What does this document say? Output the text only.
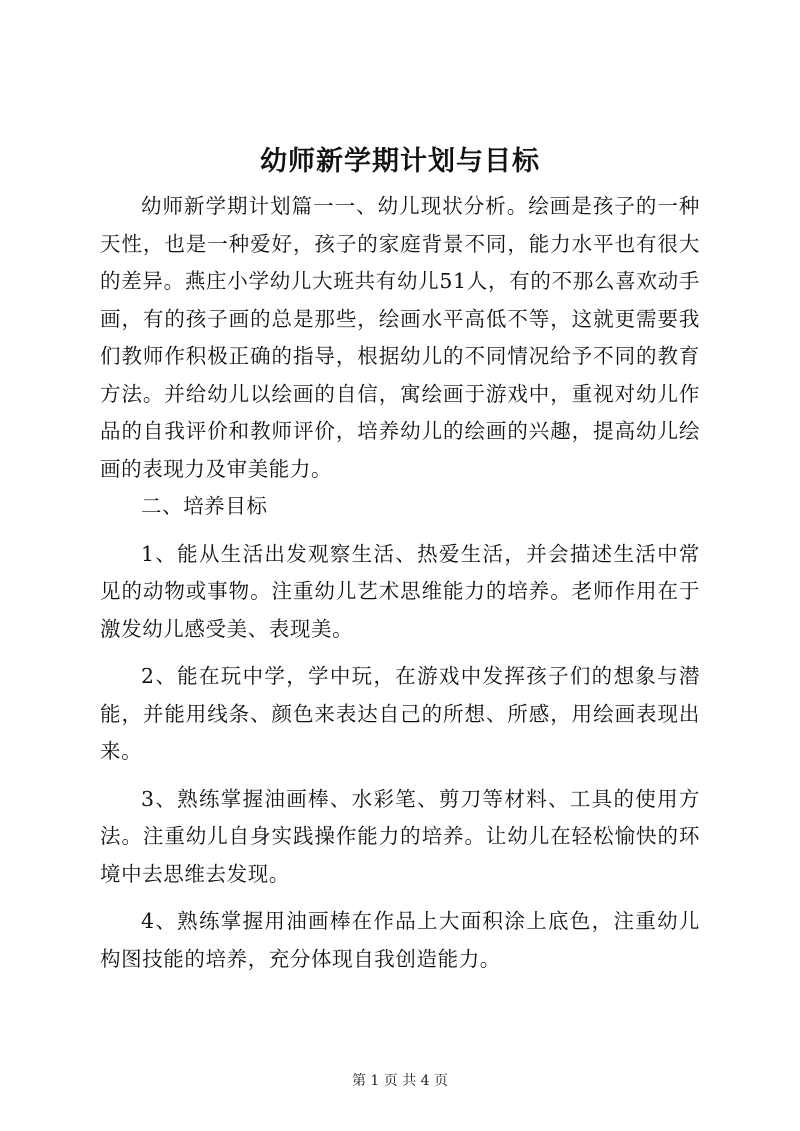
幼师新学期计划与目标

幼师新学期计划篇一一、幼儿现状分析。绘画是孩子的一种天性，也是一种爱好，孩子的家庭背景不同，能力水平也有很大的差异。燕庄小学幼儿大班共有幼儿51人，有的不那么喜欢动手画，有的孩子画的总是那些，绘画水平高低不等，这就更需要我们教师作积极正确的指导，根据幼儿的不同情况给予不同的教育方法。并给幼儿以绘画的自信，寓绘画于游戏中，重视对幼儿作品的自我评价和教师评价，培养幼儿的绘画的兴趣，提高幼儿绘画的表现力及审美能力。

二、培养目标

1、能从生活出发观察生活、热爱生活，并会描述生活中常见的动物或事物。注重幼儿艺术思维能力的培养。老师作用在于激发幼儿感受美、表现美。

2、能在玩中学，学中玩，在游戏中发挥孩子们的想象与潜能，并能用线条、颜色来表达自己的所想、所感，用绘画表现出来。

3、熟练掌握油画棒、水彩笔、剪刀等材料、工具的使用方法。注重幼儿自身实践操作能力的培养。让幼儿在轻松愉快的环境中去思维去发现。

4、熟练掌握用油画棒在作品上大面积涂上底色，注重幼儿构图技能的培养，充分体现自我创造能力。

第 1 页 共 4 页
